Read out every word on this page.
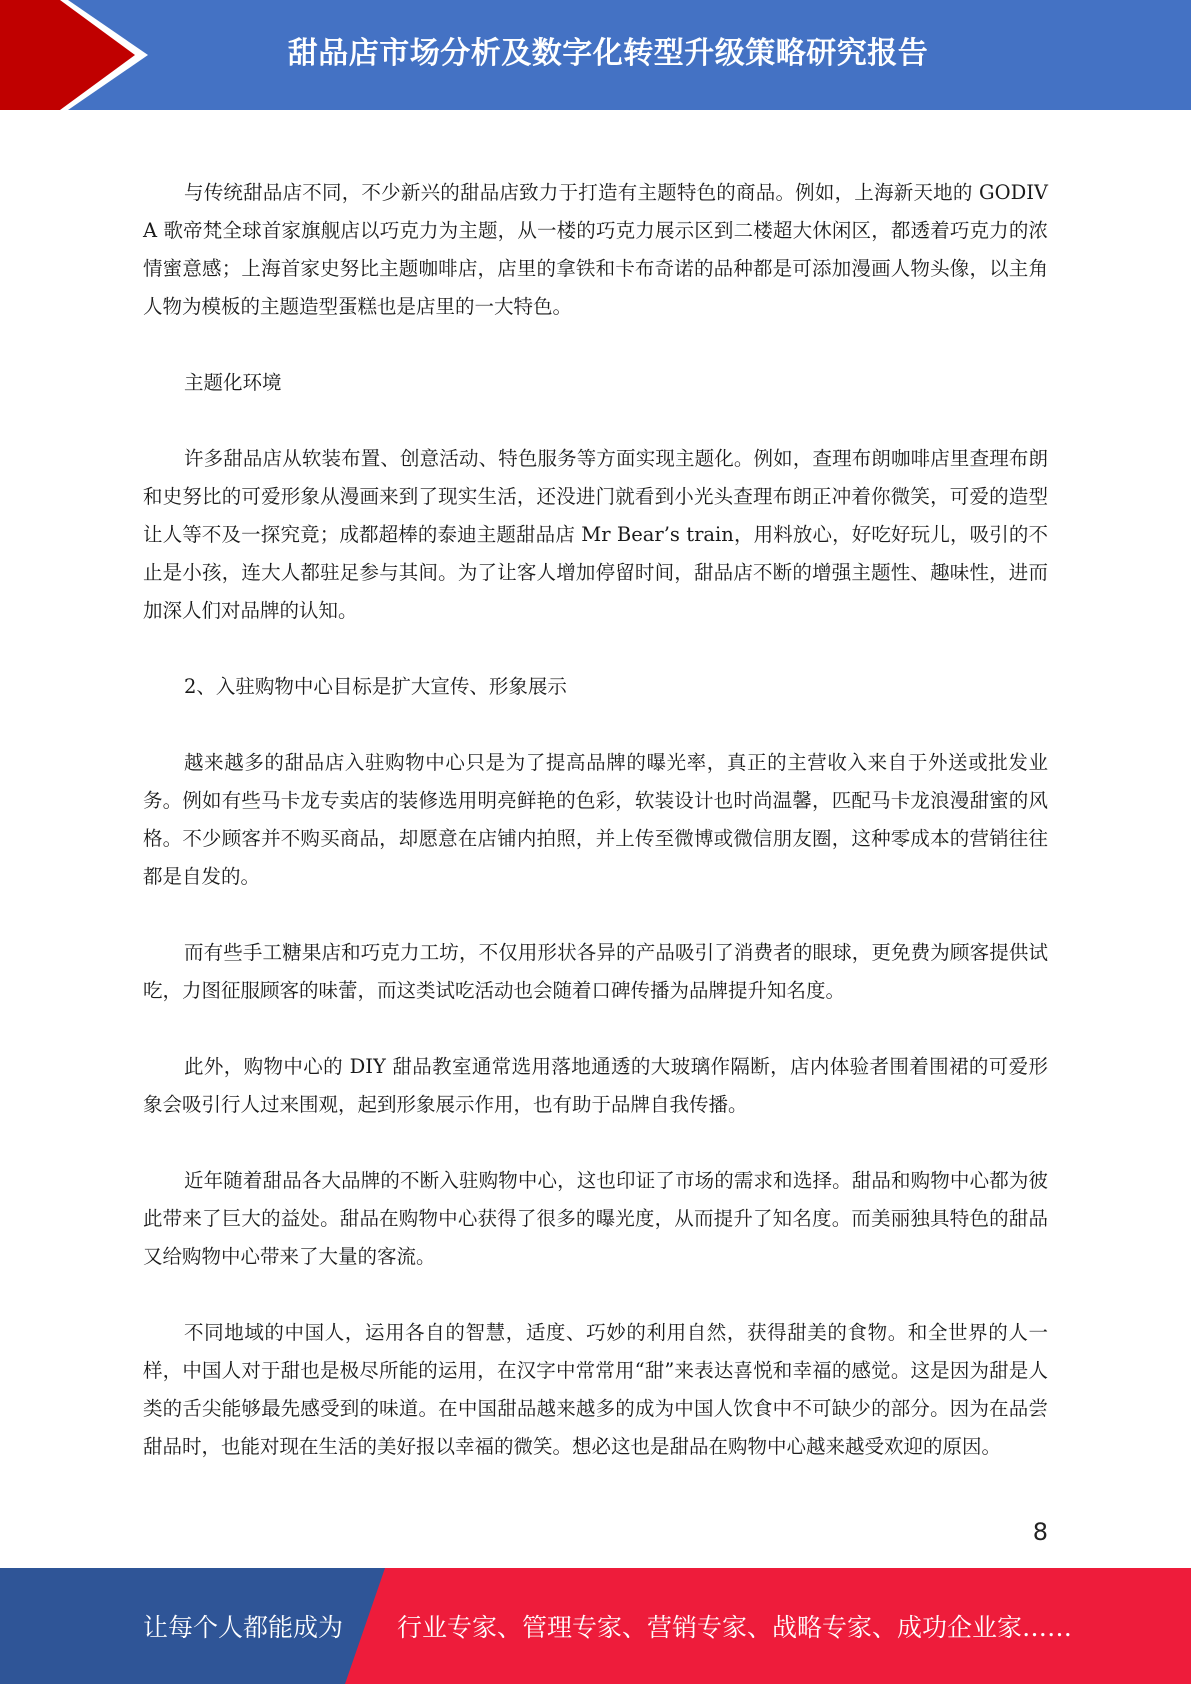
甜品店市场分析及数字化转型升级策略研究报告

与传统甜品店不同，不少新兴的甜品店致力于打造有主题特色的商品。例如，上海新天地的 GODIVA 歌帝梵全球首家旗舰店以巧克力为主题，从一楼的巧克力展示区到二楼超大休闲区，都透着巧克力的浓情蜜意感；上海首家史努比主题咖啡店，店里的拿铁和卡布奇诺的品种都是可添加漫画人物头像，以主角人物为模板的主题造型蛋糕也是店里的一大特色。

主题化环境

许多甜品店从软装布置、创意活动、特色服务等方面实现主题化。例如，查理布朗咖啡店里查理布朗和史努比的可爱形象从漫画来到了现实生活，还没进门就看到小光头查理布朗正冲着你微笑，可爱的造型让人等不及一探究竟；成都超棒的泰迪主题甜品店 Mr Bear’s train，用料放心，好吃好玩儿，吸引的不止是小孩，连大人都驻足参与其间。为了让客人增加停留时间，甜品店不断的增强主题性、趣味性，进而加深人们对品牌的认知。

2、入驻购物中心目标是扩大宣传、形象展示

越来越多的甜品店入驻购物中心只是为了提高品牌的曝光率，真正的主营收入来自于外送或批发业务。例如有些马卡龙专卖店的装修选用明亮鲜艳的色彩，软装设计也时尚温馨，匹配马卡龙浪漫甜蜜的风格。不少顾客并不购买商品，却愿意在店铺内拍照，并上传至微博或微信朋友圈，这种零成本的营销往往都是自发的。

而有些手工糖果店和巧克力工坊，不仅用形状各异的产品吸引了消费者的眼球，更免费为顾客提供试吃，力图征服顾客的味蕾，而这类试吃活动也会随着口碑传播为品牌提升知名度。

此外，购物中心的 DIY 甜品教室通常选用落地通透的大玻璃作隔断，店内体验者围着围裙的可爱形象会吸引行人过来围观，起到形象展示作用，也有助于品牌自我传播。

近年随着甜品各大品牌的不断入驻购物中心，这也印证了市场的需求和选择。甜品和购物中心都为彼此带来了巨大的益处。甜品在购物中心获得了很多的曝光度，从而提升了知名度。而美丽独具特色的甜品又给购物中心带来了大量的客流。

不同地域的中国人，运用各自的智慧，适度、巧妙的利用自然，获得甜美的食物。和全世界的人一样，中国人对于甜也是极尽所能的运用，在汉字中常常用“甜”来表达喜悦和幸福的感觉。这是因为甜是人类的舌尖能够最先感受到的味道。在中国甜品越来越多的成为中国人饮食中不可缺少的部分。因为在品尝甜品时，也能对现在生活的美好报以幸福的微笑。想必这也是甜品在购物中心越来越受欢迎的原因。

8
让每个人都能成为 行业专家、管理专家、营销专家、战略专家、成功企业家……
